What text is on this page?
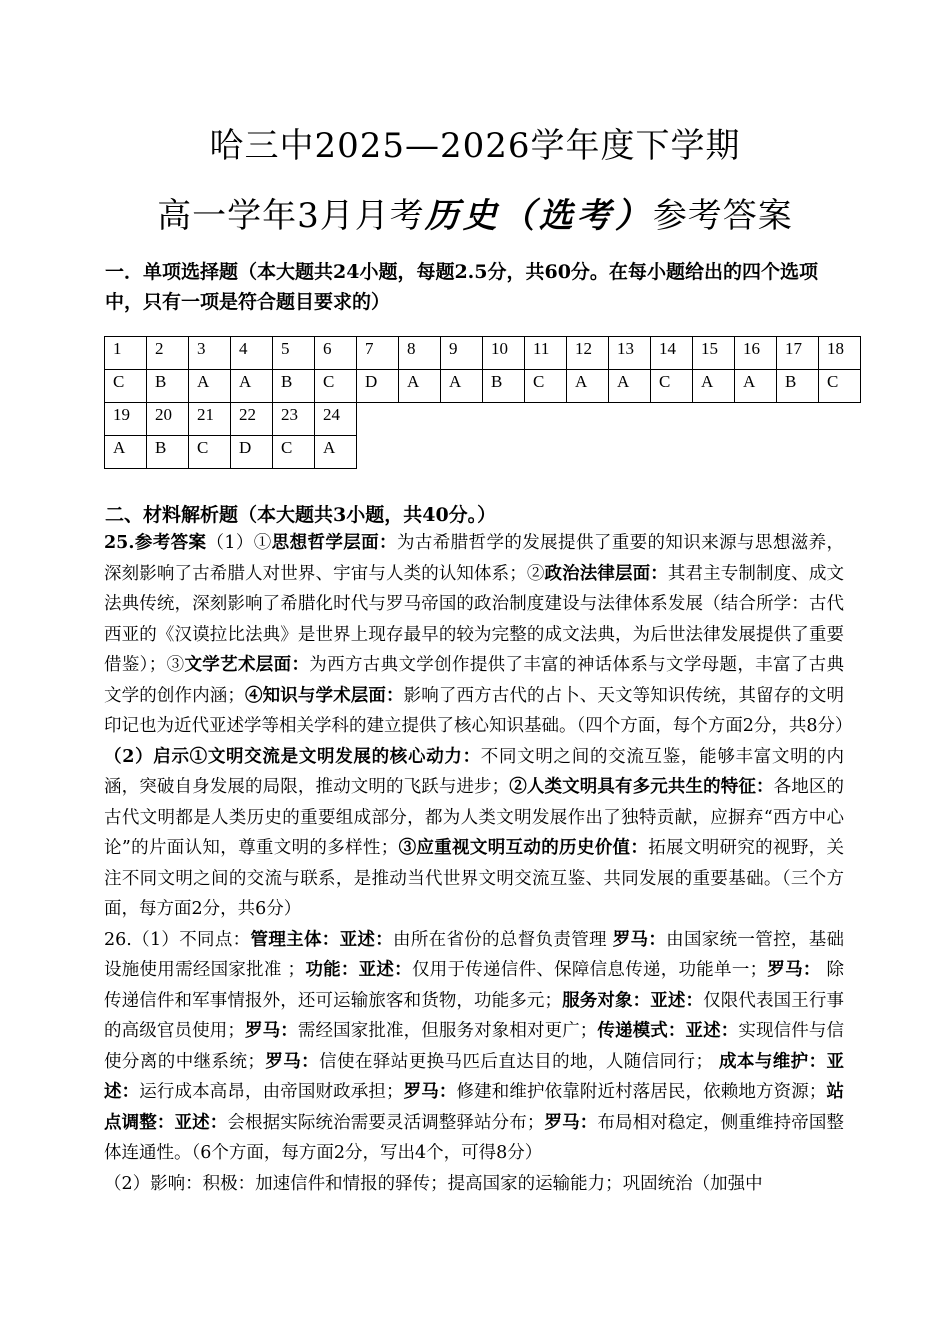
哈三中2025—2026学年度下学期
高一学年3月月考历史（选考）参考答案
一．单项选择题（本大题共24小题，每题2.5分，共60分。在每小题给出的四个选项中，只有一项是符合题目要求的）
1	2	3	4	5	6	7	8	9	10	11	12	13	14	15	16	17	18
C	B	A	A	B	C	D	A	A	B	C	A	A	C	A	A	B	C
19	20	21	22	23	24												
A	B	C	D	C	A												
二、材料解析题（本大题共3小题，共40分。）

25.参考答案（1）①思想哲学层面：为古希腊哲学的发展提供了重要的知识来源与思想滋养，深刻影响了古希腊人对世界、宇宙与人类的认知体系；②政治法律层面：其君主专制制度、成文法典传统，深刻影响了希腊化时代与罗马帝国的政治制度建设与法律体系发展（结合所学：古代西亚的《汉谟拉比法典》是世界上现存最早的较为完整的成文法典，为后世法律发展提供了重要借鉴）；③文学艺术层面：为西方古典文学创作提供了丰富的神话体系与文学母题，丰富了古典文学的创作内涵；④知识与学术层面：影响了西方古代的占卜、天文等知识传统，其留存的文明印记也为近代亚述学等相关学科的建立提供了核心知识基础。（四个方面，每个方面2分，共8分）

（2）启示①文明交流是文明发展的核心动力：不同文明之间的交流互鉴，能够丰富文明的内涵，突破自身发展的局限，推动文明的飞跃与进步；②人类文明具有多元共生的特征：各地区的古代文明都是人类历史的重要组成部分，都为人类文明发展作出了独特贡献，应摒弃“西方中心论”的片面认知，尊重文明的多样性；③应重视文明互动的历史价值：拓展文明研究的视野，关注不同文明之间的交流与联系，是推动当代世界文明交流互鉴、共同发展的重要基础。（三个方面，每方面2分，共6分）

26.（1）不同点：管理主体：亚述：由所在省份的总督负责管理 罗马：由国家统一管控，基础设施使用需经国家批准 ；功能：亚述：仅用于传递信件、保障信息传递，功能单一；罗马： 除传递信件和军事情报外，还可运输旅客和货物，功能多元；服务对象：亚述：仅限代表国王行事的高级官员使用；罗马：需经国家批准，但服务对象相对更广；传递模式：亚述：实现信件与信使分离的中继系统；罗马：信使在驿站更换马匹后直达目的地，人随信同行； 成本与维护：亚述：运行成本高昂，由帝国财政承担；罗马：修建和维护依靠附近村落居民，依赖地方资源；站点调整：亚述：会根据实际统治需要灵活调整驿站分布；罗马：布局相对稳定，侧重维持帝国整体连通性。（6个方面，每方面2分，写出4个，可得8分）

（2）影响：积极：加速信件和情报的驿传；提高国家的运输能力；巩固统治（加强中
